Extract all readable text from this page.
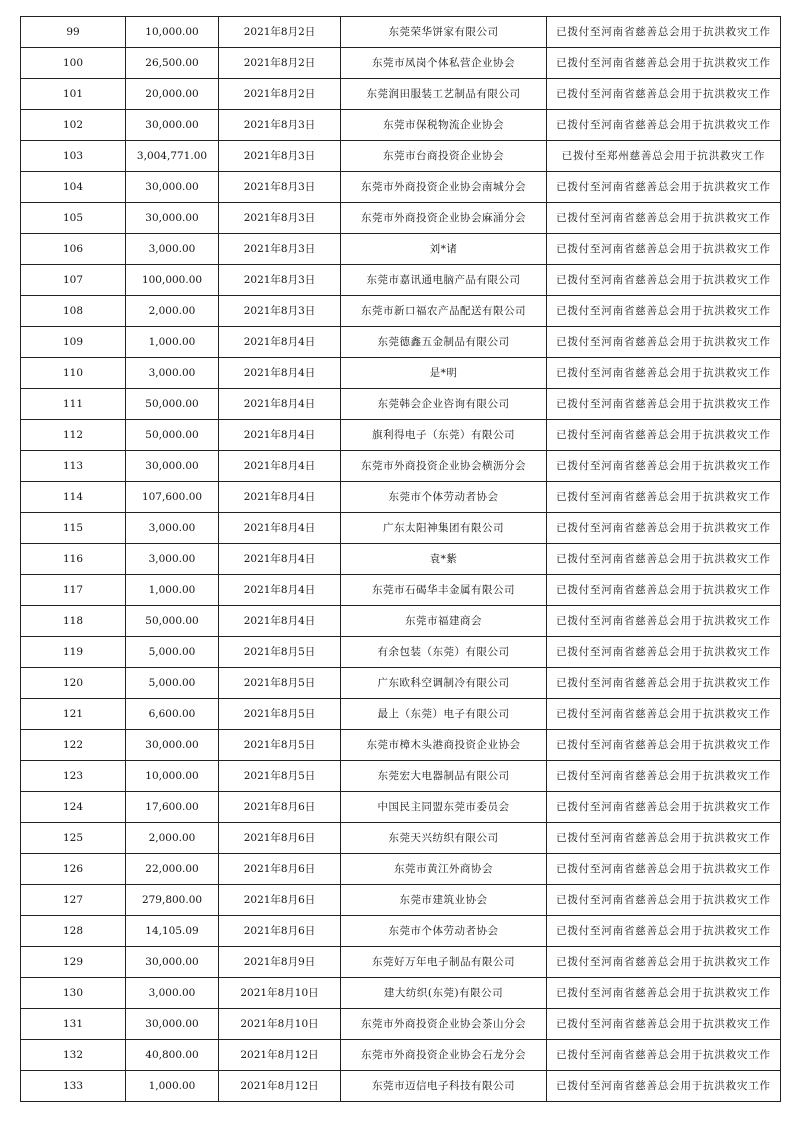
99	10,000.00	2021年8月2日	东莞荣华饼家有限公司	已拨付至河南省慈善总会用于抗洪救灾工作
100	26,500.00	2021年8月2日	东莞市凤岗个体私营企业协会	已拨付至河南省慈善总会用于抗洪救灾工作
101	20,000.00	2021年8月2日	东莞润田服装工艺制品有限公司	已拨付至河南省慈善总会用于抗洪救灾工作
102	30,000.00	2021年8月3日	东莞市保税物流企业协会	已拨付至河南省慈善总会用于抗洪救灾工作
103	3,004,771.00	2021年8月3日	东莞市台商投资企业协会	已拨付至郑州慈善总会用于抗洪救灾工作
104	30,000.00	2021年8月3日	东莞市外商投资企业协会南城分会	已拨付至河南省慈善总会用于抗洪救灾工作
105	30,000.00	2021年8月3日	东莞市外商投资企业协会麻涌分会	已拨付至河南省慈善总会用于抗洪救灾工作
106	3,000.00	2021年8月3日	刘*诸	已拨付至河南省慈善总会用于抗洪救灾工作
107	100,000.00	2021年8月3日	东莞市嘉讯通电脑产品有限公司	已拨付至河南省慈善总会用于抗洪救灾工作
108	2,000.00	2021年8月3日	东莞市新口福农产品配送有限公司	已拨付至河南省慈善总会用于抗洪救灾工作
109	1,000.00	2021年8月4日	东莞德鑫五金制品有限公司	已拨付至河南省慈善总会用于抗洪救灾工作
110	3,000.00	2021年8月4日	是*明	已拨付至河南省慈善总会用于抗洪救灾工作
111	50,000.00	2021年8月4日	东莞韩会企业咨询有限公司	已拨付至河南省慈善总会用于抗洪救灾工作
112	50,000.00	2021年8月4日	旗利得电子（东莞）有限公司	已拨付至河南省慈善总会用于抗洪救灾工作
113	30,000.00	2021年8月4日	东莞市外商投资企业协会横沥分会	已拨付至河南省慈善总会用于抗洪救灾工作
114	107,600.00	2021年8月4日	东莞市个体劳动者协会	已拨付至河南省慈善总会用于抗洪救灾工作
115	3,000.00	2021年8月4日	广东太阳神集团有限公司	已拨付至河南省慈善总会用于抗洪救灾工作
116	3,000.00	2021年8月4日	袁*紫	已拨付至河南省慈善总会用于抗洪救灾工作
117	1,000.00	2021年8月4日	东莞市石碣华丰金属有限公司	已拨付至河南省慈善总会用于抗洪救灾工作
118	50,000.00	2021年8月4日	东莞市福建商会	已拨付至河南省慈善总会用于抗洪救灾工作
119	5,000.00	2021年8月5日	有余包装（东莞）有限公司	已拨付至河南省慈善总会用于抗洪救灾工作
120	5,000.00	2021年8月5日	广东欧科空调制冷有限公司	已拨付至河南省慈善总会用于抗洪救灾工作
121	6,600.00	2021年8月5日	最上（东莞）电子有限公司	已拨付至河南省慈善总会用于抗洪救灾工作
122	30,000.00	2021年8月5日	东莞市樟木头港商投资企业协会	已拨付至河南省慈善总会用于抗洪救灾工作
123	10,000.00	2021年8月5日	东莞宏大电器制品有限公司	已拨付至河南省慈善总会用于抗洪救灾工作
124	17,600.00	2021年8月6日	中国民主同盟东莞市委员会	已拨付至河南省慈善总会用于抗洪救灾工作
125	2,000.00	2021年8月6日	东莞天兴纺织有限公司	已拨付至河南省慈善总会用于抗洪救灾工作
126	22,000.00	2021年8月6日	东莞市黄江外商协会	已拨付至河南省慈善总会用于抗洪救灾工作
127	279,800.00	2021年8月6日	东莞市建筑业协会	已拨付至河南省慈善总会用于抗洪救灾工作
128	14,105.09	2021年8月6日	东莞市个体劳动者协会	已拨付至河南省慈善总会用于抗洪救灾工作
129	30,000.00	2021年8月9日	东莞好万年电子制品有限公司	已拨付至河南省慈善总会用于抗洪救灾工作
130	3,000.00	2021年8月10日	建大纺织(东莞)有限公司	已拨付至河南省慈善总会用于抗洪救灾工作
131	30,000.00	2021年8月10日	东莞市外商投资企业协会茶山分会	已拨付至河南省慈善总会用于抗洪救灾工作
132	40,800.00	2021年8月12日	东莞市外商投资企业协会石龙分会	已拨付至河南省慈善总会用于抗洪救灾工作
133	1,000.00	2021年8月12日	东莞市迈信电子科技有限公司	已拨付至河南省慈善总会用于抗洪救灾工作
